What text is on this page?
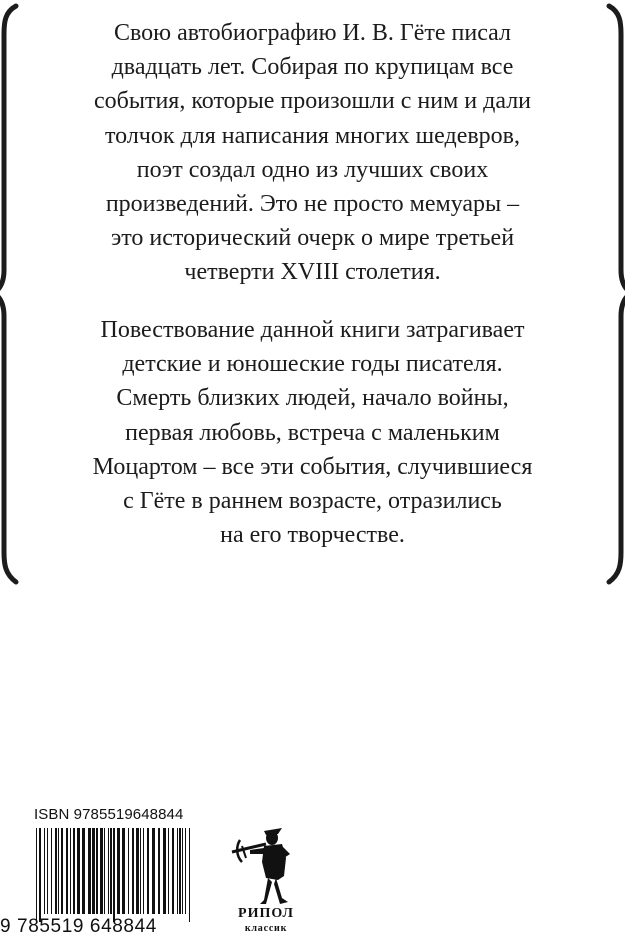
Свою автобиографию И. В. Гёте писал
двадцать лет. Собирая по крупицам все
события, которые произошли с ним и дали
толчок для написания многих шедевров,
поэт создал одно из лучших своих
произведений. Это не просто мемуары –
это исторический очерк о мире третьей
четверти XVIII столетия.
Повествование данной книги затрагивает
детские и юношеские годы писателя.
Смерть близких людей, начало войны,
первая любовь, встреча с маленьким
Моцартом – все эти события, случившиеся
с Гёте в раннем возрасте, отразились
на его творчестве.
ISBN 9785519648844
9 785519 648844
РИПОЛ
классик
